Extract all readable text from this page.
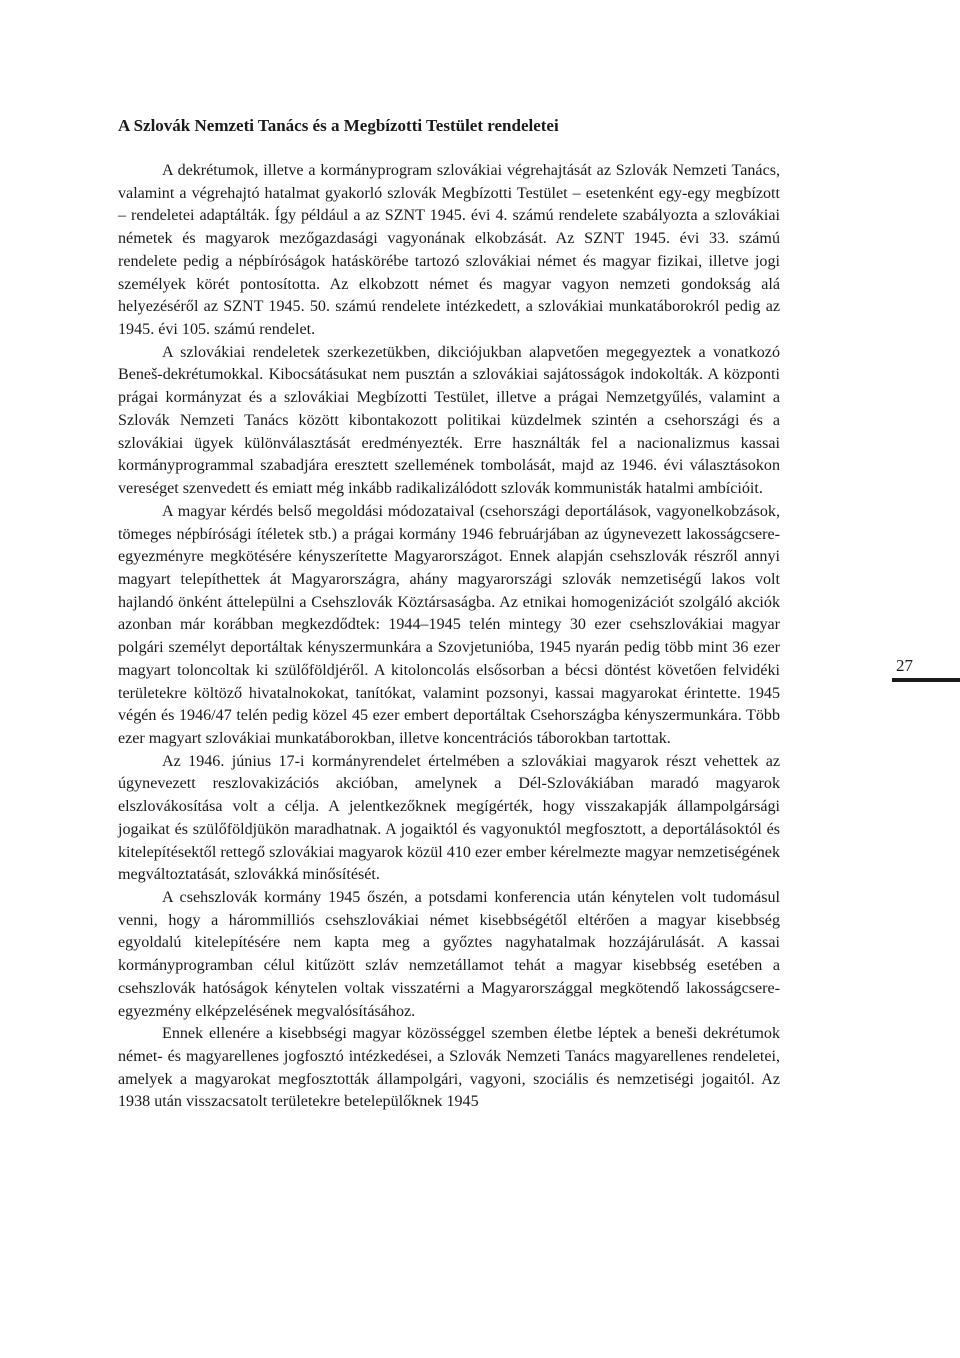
A Szlovák Nemzeti Tanács és a Megbízotti Testület rendeletei

A dekrétumok, illetve a kormányprogram szlovákiai végrehajtását az Szlovák Nemzeti Tanács, valamint a végrehajtó hatalmat gyakorló szlovák Megbízotti Testület – esetenként egy-egy megbízott – rendeletei adaptálták. Így például a az SZNT 1945. évi 4. számú rendelete szabályozta a szlovákiai németek és magyarok mezőgazdasági vagyonának elkobzását. Az SZNT 1945. évi 33. számú rendelete pedig a népbíróságok hatáskörébe tartozó szlovákiai német és magyar fizikai, illetve jogi személyek körét pontosította. Az elkobzott német és magyar vagyon nemzeti gondokság alá helyezéséről az SZNT 1945. 50. számú rendelete intézkedett, a szlovákiai munkatáborokról pedig az 1945. évi 105. számú rendelet.

A szlovákiai rendeletek szerkezetükben, dikciójukban alapvetően megegyeztek a vonatkozó Beneš-dekrétumokkal. Kibocsátásukat nem pusztán a szlovákiai sajátosságok indokolták. A központi prágai kormányzat és a szlovákiai Megbízotti Testület, illetve a prágai Nemzetgyűlés, valamint a Szlovák Nemzeti Tanács között kibontakozott politikai küzdelmek szintén a csehországi és a szlovákiai ügyek különválasztását eredményezték. Erre használták fel a nacionalizmus kassai kormányprogrammal szabadjára eresztett szellemének tombolását, majd az 1946. évi választásokon vereséget szenvedett és emiatt még inkább radikalizálódott szlovák kommunisták hatalmi ambícióit.

A magyar kérdés belső megoldási módozataival (csehországi deportálások, vagyonelkobzások, tömeges népbírósági ítéletek stb.) a prágai kormány 1946 februárjában az úgynevezett lakosságcsere-egyezményre megkötésére kényszerítette Magyarországot. Ennek alapján csehszlovák részről annyi magyart telepíthettek át Magyarországra, ahány magyarországi szlovák nemzetiségű lakos volt hajlandó önként áttelepülni a Csehszlovák Köztársaságba. Az etnikai homogenizációt szolgáló akciók azonban már korábban megkezdődtek: 1944–1945 telén mintegy 30 ezer csehszlovákiai magyar polgári személyt deportáltak kényszermunkára a Szovjetunióba, 1945 nyarán pedig több mint 36 ezer magyart toloncoltak ki szülőföldjéről. A kitoloncolás elsősorban a bécsi döntést követően felvidéki területekre költöző hivatalnokokat, tanítókat, valamint pozsonyi, kassai magyarokat érintette. 1945 végén és 1946/47 telén pedig közel 45 ezer embert deportáltak Csehországba kényszermunkára. Több ezer magyart szlovákiai munkatáborokban, illetve koncentrációs táborokban tartottak.

Az 1946. június 17-i kormányrendelet értelmében a szlovákiai magyarok részt vehettek az úgynevezett reszlovakizációs akcióban, amelynek a Dél-Szlovákiában maradó magyarok elszlovákosítása volt a célja. A jelentkezőknek megígérték, hogy visszakapják állampolgársági jogaikat és szülőföldjükön maradhatnak. A jogaiktól és vagyonuktól megfosztott, a deportálásoktól és kitelepítésektől rettegő szlovákiai magyarok közül 410 ezer ember kérelmezte magyar nemzetiségének megváltoztatását, szlovákká minősítését.

A csehszlovák kormány 1945 őszén, a potsdami konferencia után kénytelen volt tudomásul venni, hogy a hárommilliós csehszlovákiai német kisebbségétől eltérően a magyar kisebbség egyoldalú kitelepítésére nem kapta meg a győztes nagyhatalmak hozzájárulását. A kassai kormányprogramban célul kitűzött szláv nemzetállamot tehát a magyar kisebbség esetében a csehszlovák hatóságok kénytelen voltak visszatérni a Magyarországgal megkötendő lakosságcsere-egyezmény elképzelésének megvalósításához.

Ennek ellenére a kisebbségi magyar közösséggel szemben életbe léptek a beneši dekrétumok német- és magyarellenes jogfosztó intézkedései, a Szlovák Nemzeti Tanács magyarellenes rendeletei, amelyek a magyarokat megfosztották állampolgári, vagyoni, szociális és nemzetiségi jogaitól. Az 1938 után visszacsatolt területekre betelepülőknek 1945

27
